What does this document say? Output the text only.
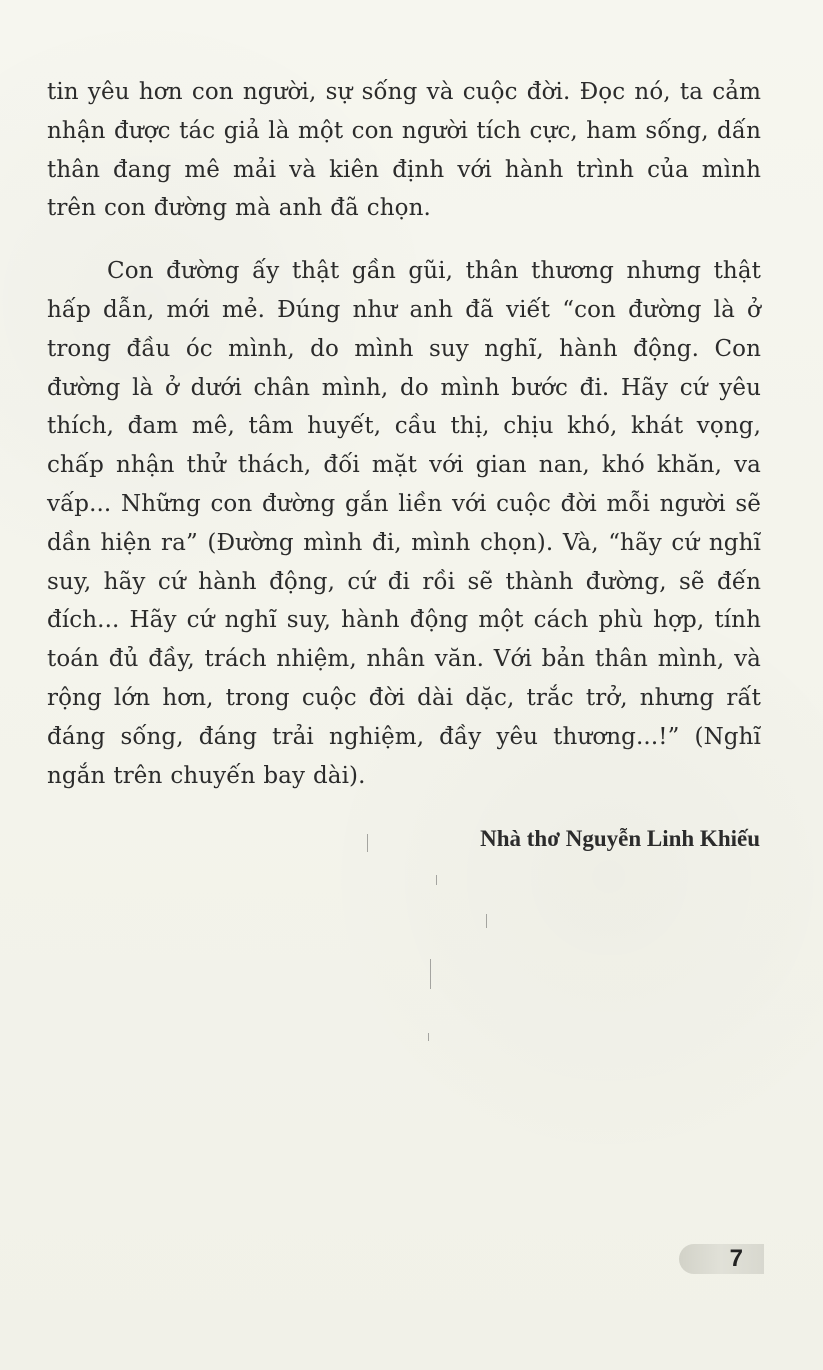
tin yêu hơn con người, sự sống và cuộc đời. Đọc nó, ta cảm nhận được tác giả là một con người tích cực, ham sống, dấn thân đang mê mải và kiên định với hành trình của mình trên con đường mà anh đã chọn.

Con đường ấy thật gần gũi, thân thương nhưng thật hấp dẫn, mới mẻ. Đúng như anh đã viết “con đường là ở trong đầu óc mình, do mình suy nghĩ, hành động. Con đường là ở dưới chân mình, do mình bước đi. Hãy cứ yêu thích, đam mê, tâm huyết, cầu thị, chịu khó, khát vọng, chấp nhận thử thách, đối mặt với gian nan, khó khăn, va vấp... Những con đường gắn liền với cuộc đời mỗi người sẽ dần hiện ra” (Đường mình đi, mình chọn). Và, “hãy cứ nghĩ suy, hãy cứ hành động, cứ đi rồi sẽ thành đường, sẽ đến đích... Hãy cứ nghĩ suy, hành động một cách phù hợp, tính toán đủ đầy, trách nhiệm, nhân văn. Với bản thân mình, và rộng lớn hơn, trong cuộc đời dài dặc, trắc trở, nhưng rất đáng sống, đáng trải nghiệm, đầy yêu thương...!” (Nghĩ ngắn trên chuyến bay dài).

Nhà thơ Nguyễn Linh Khiếu

7
